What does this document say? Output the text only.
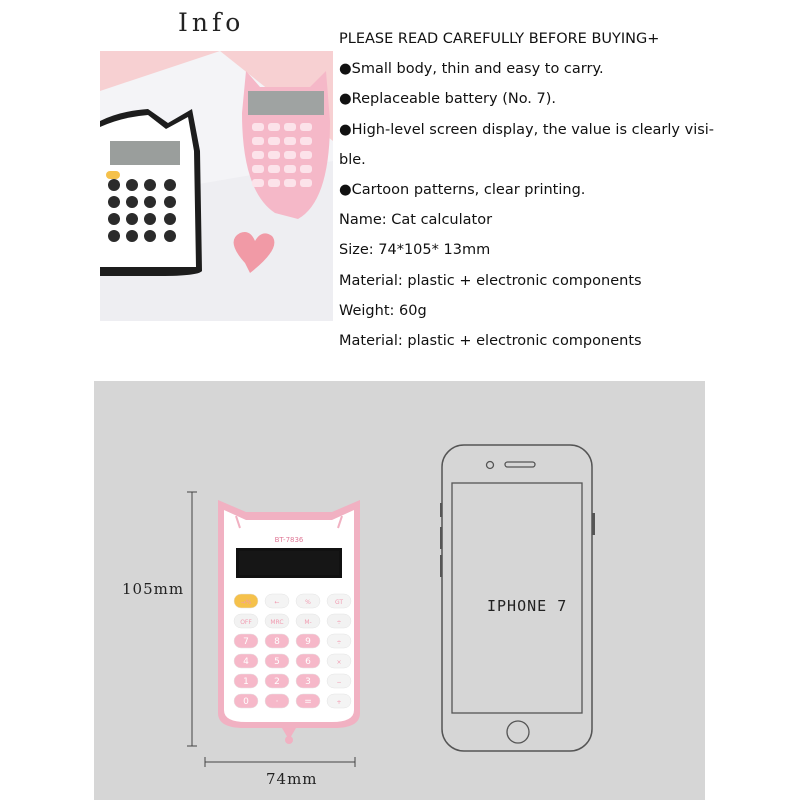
Info
PLEASE READ CAREFULLY BEFORE BUYING+
●Small body, thin and easy to carry.
●Replaceable battery (No. 7).
●High-level screen display, the value is clearly visi-
ble.
●Cartoon patterns, clear printing.
Name: Cat calculator
Size: 74*105* 13mm
Material: plastic + electronic components
Weight: 60g
Material: plastic + electronic components
105mm
74mm
BT-7836
→%	←	%	GT
OFF	MRC	M-	÷
7	8	9	÷
4	5	6	×
1	2	3	−
0	·	=	+
IPHONE 7
